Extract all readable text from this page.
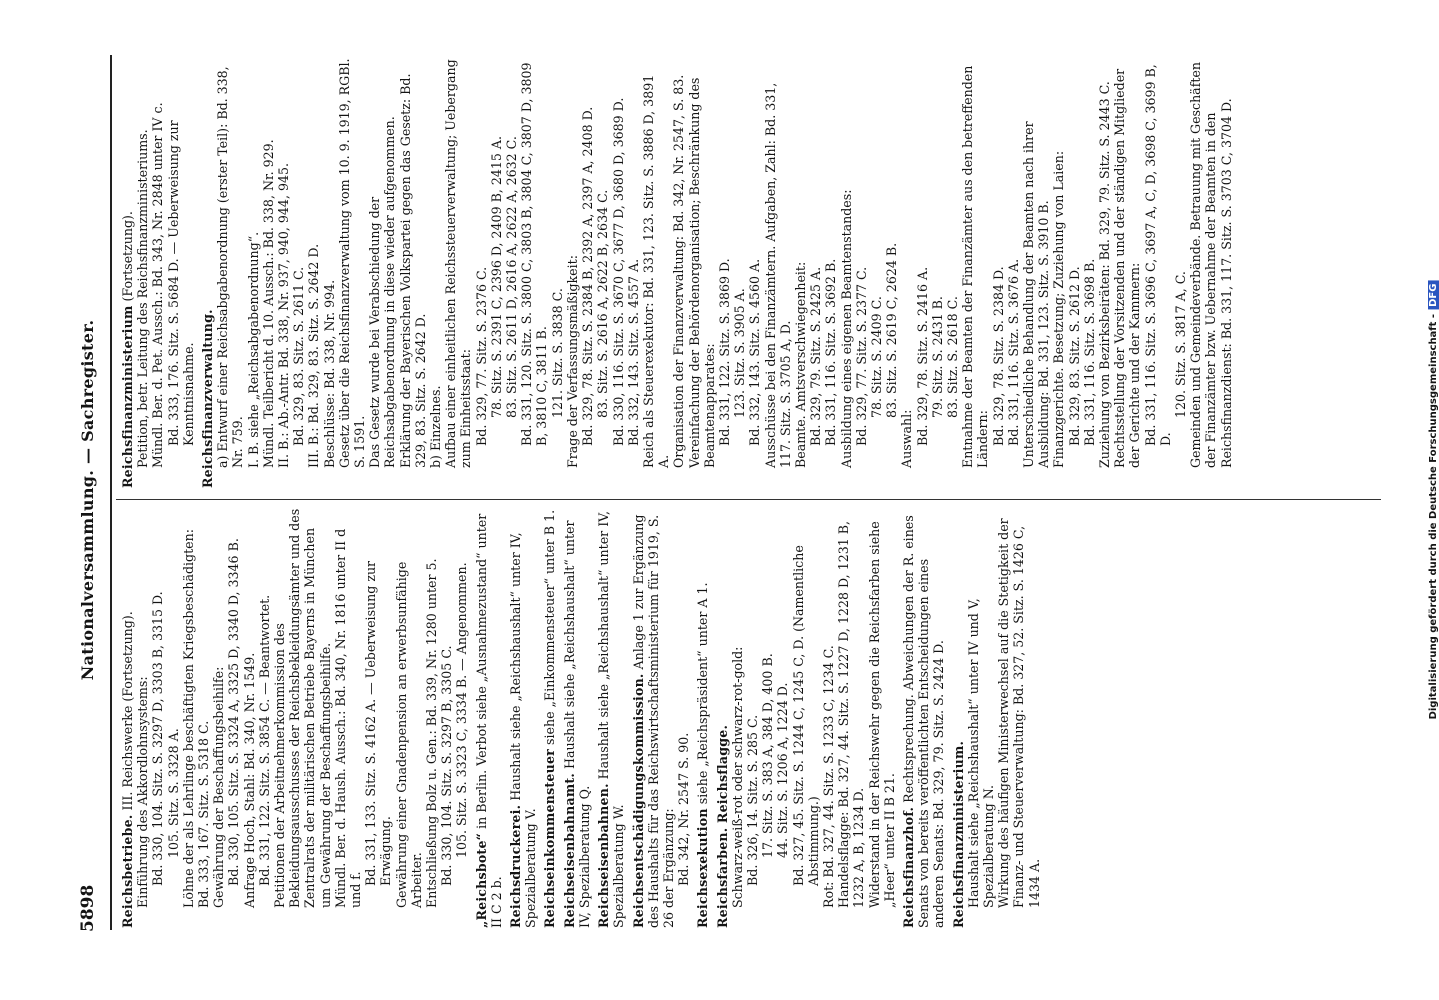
5898
Nationalversammlung. — Sachregister.
Reichsbetriebe. III. Reichswerke (Fortsetzung). Einführung des Akkordlohnsystems: Bd. 330, 104. Sitz. S. 3297 D, 3303 B, 3315 D. 105. Sitz. S. 3328 A. Löhne der als Lehrlinge beschäftigten Kriegsbeschädigten: Bd. 333, 167. Sitz. S. 5318 C. Gewährung der Beschaffungsbeihilfe: Bd. 330, 105. Sitz. S. 3324 A, 3325 D, 3340 D, 3346 B. Anfrage Hoch, Stahl: Bd. 340, Nr. 1549. Bd. 331, 122. Sitz. S. 3854 C. — Beantwortet. Petitionen der Arbeitnehmerkommission des Bekleidungsausschusses der Reichsbekleidungsämter und des Zentralrats der militärischen Betriebe Bayerns in München um Gewährung der Beschaffungsbeihilfe. Mündl. Ber. d. Haush. Aussch.: Bd. 340, Nr. 1816 unter II d und f.
Bd. 331, 133. Sitz. S. 4162 A. — Ueberweisung zur Erwägung. Gewährung einer Gnadenpension an erwerbsunfähige Arbeiter. Entschließung Bolz u. Gen.: Bd. 339, Nr. 1280 unter 5. Bd. 330, 104. Sitz. S. 3297 B, 3305 C. 105. Sitz. S. 3323 C, 3334 B. — Angenommen.
„Reichsbote“ in Berlin. Verbot siehe „Ausnahmezustand“ unter II C 2 b. Reichsdruckerei. Haushalt siehe „Reichshaushalt“ unter IV, Spezialberatung V. Reichseinkommensteuer siehe „Einkommensteuer“ unter B 1.
Reichseisenbahnamt. Haushalt siehe „Reichshaushalt“ unter IV, Spezialberatung Q. Reichseisenbahnen. Haushalt siehe „Reichshaushalt“ unter IV, Spezialberatung W. Reichsentschädigungskommission. Anlage 1 zur Ergänzung des Haushalts für das Reichswirtschaftsministerium für 1919, S. 26 der Ergänzung: Bd. 342, Nr. 2547 S. 90. Reichsexekution siehe „Reichspräsident“ unter A 1.
Reichsfarben. Reichsflagge. Schwarz-weiß-rot oder schwarz-rot-gold: Bd. 326, 14. Sitz. S. 285 C. 17. Sitz. S. 383 A, 384 D, 400 B. 44. Sitz. S. 1206 A, 1224 D. Bd. 327, 45. Sitz. S. 1244 C, 1245 C, D. (Namentliche Abstimmung.) Rot: Bd. 327, 44. Sitz. S. 1233 C, 1234 C. Handelsflagge: Bd. 327, 44. Sitz. S. 1227 D, 1228 D, 1231 B, 1232 A, B, 1234 D. Widerstand in der Reichswehr gegen die Reichsfarben siehe „Heer“ unter II B 21. Reichsfinanzhof. Rechtsprechung. Abweichungen der R. eines Senats von bereits veröffentlichten Entscheidungen eines anderen Senats: Bd. 329, 79. Sitz. S. 2424 D. Reichsfinanzministerium. Haushalt siehe „Reichshaushalt“ unter IV und V, Spezialberatung N. Wirkung des häufigen Ministerwechsel auf die Stetigkeit der Finanz- und Steuerverwaltung: Bd. 327, 52. Sitz. S. 1426 C, 1434 A.
Reichsfinanzministerium (Fortsetzung). Petition, betr. Leitung des Reichsfinanzministeriums. Mündl. Ber. d. Pet. Aussch.: Bd. 343, Nr. 2848 unter IV c. Bd. 333, 176. Sitz. S. 5684 D. — Ueberweisung zur Kenntnisnahme. Reichsfinanzverwaltung. a) Entwurf einer Reichsabgabenordnung (erster Teil): Bd. 338, Nr. 759. I. B. siehe „Reichsabgabenordnung“. Mündl. Teilbericht d. 10. Aussch.: Bd. 338, Nr. 929. II. B.: Ab.-Antr. Bd. 338, Nr. 937, 940, 944, 945. Bd. 329, 83. Sitz. S. 2611 C. III. B.: Bd. 329, 83. Sitz. S. 2642 D. Beschlüsse: Bd. 338, Nr. 994. Gesetz über die Reichsfinanzverwaltung vom 10. 9. 1919, RGBl. S. 1591. Das Gesetz wurde bei Verabschiedung der Reichsabgabenordnung in diese wieder aufgenommen. Erklärung der Bayerischen Volkspartei gegen das Gesetz: Bd. 329, 83. Sitz. S. 2642 D. b) Einzelnes. Aufbau einer einheitlichen Reichssteuerverwaltung; Uebergang zum Einheitsstaat: Bd. 329, 77. Sitz. S. 2376 C. 78. Sitz. S. 2391 C, 2396 D, 2409 B, 2415 A. 83. Sitz. S. 2611 D, 2616 A, 2622 A, 2632 C. Bd. 331, 120. Sitz. S. 3800 C, 3803 B, 3804 C, 3807 D, 3809 B, 3810 C, 3811 B. 121. Sitz. S. 3838 C. Frage der Verfassungsmäßigkeit: Bd. 329, 78. Sitz. S. 2384 B, 2392 A, 2397 A, 2408 D. 83. Sitz. S. 2616 A, 2622 B, 2634 C. Bd. 330, 116. Sitz. S. 3670 C, 3677 D, 3680 D, 3689 D. Bd. 332, 143. Sitz. S. 4557 A. Reich als Steuerexekutor: Bd. 331, 123. Sitz. S. 3886 D, 3891 A. Organisation der Finanzverwaltung: Bd. 342, Nr. 2547, S. 83. Vereinfachung der Behördenorganisation; Beschränkung des Beamtenapparates: Bd. 331, 122. Sitz. S. 3869 D. 123. Sitz. S. 3905 A. Bd. 332, 143. Sitz. S. 4560 A. Ausschüsse bei den Finanzämtern. Aufgaben, Zahl: Bd. 331, 117. Sitz. S. 3705 A, D. Beamte. Amtsverschwiegenheit: Bd. 329, 79. Sitz. S. 2425 A. Bd. 331, 116. Sitz. S. 3692 B. Ausbildung eines eigenen Beamtenstandes: Bd. 329, 77. Sitz. S. 2377 C. 78. Sitz. S. 2409 C. 83. Sitz. S. 2619 C, 2624 B.
Auswahl: Bd. 329, 78. Sitz. S. 2416 A. 79. Sitz. S. 2431 B. 83. Sitz. S. 2618 C. Entnahme der Beamten der Finanzämter aus den betreffenden Ländern: Bd. 329, 78. Sitz. S. 2384 D. Bd. 331, 116. Sitz. S. 3676 A. Unterschiedliche Behandlung der Beamten nach ihrer Ausbildung: Bd. 331, 123. Sitz. S. 3910 B. Finanzgerichte. Besetzung; Zuziehung von Laien: Bd. 329, 83. Sitz. S. 2612 D. Bd. 331, 116. Sitz. S. 3698 B. Zuziehung von Bezirksbeiräten: Bd. 329, 79. Sitz. S. 2443 C. Rechtsstellung der Vorsitzenden und der ständigen Mitglieder der Gerichte und der Kammern: Bd. 331, 116. Sitz. S. 3696 C, 3697 A, C, D, 3698 C, 3699 B, D.
120. Sitz. S. 3817 A, C. Gemeinden und Gemeindeverbände. Betrauung mit Geschäften der Finanzämter bzw. Uebernahme der Beamten in den Reichsfinanzdienst: Bd. 331, 117. Sitz. S. 3703 C, 3704 D.
Digitalisierung gefördert durch die Deutsche Forschungsgemeinschaft -DFG
